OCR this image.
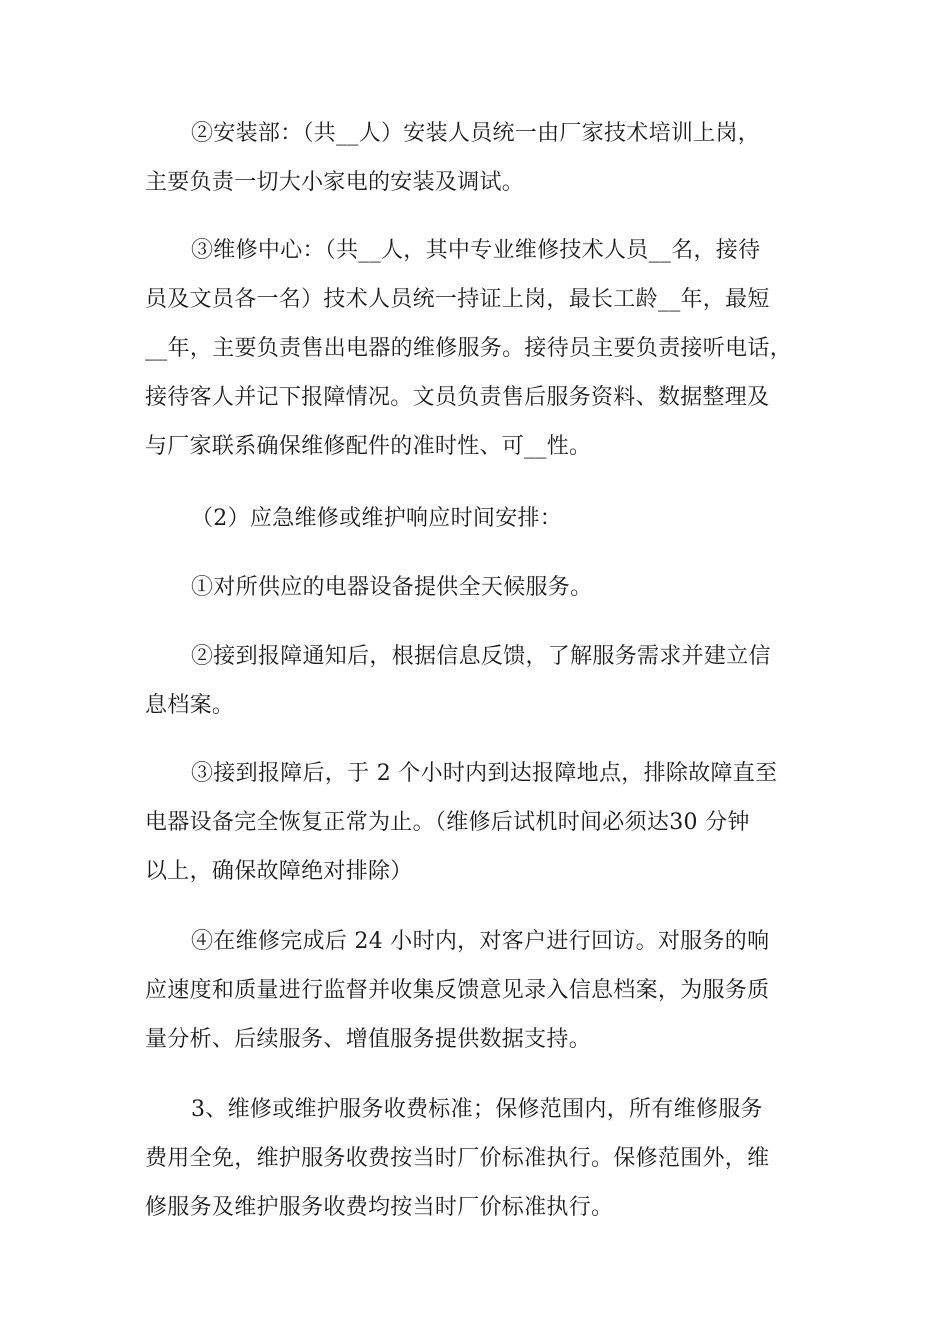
②安装部：（共__人）安装人员统一由厂家技术培训上岗，
主要负责一切大小家电的安装及调试。

③维修中心：（共__人，其中专业维修技术人员__名，接待
员及文员各一名）技术人员统一持证上岗，最长工龄__年，最短
__年，主要负责售出电器的维修服务。接待员主要负责接听电话，
接待客人并记下报障情况。文员负责售后服务资料、数据整理及
与厂家联系确保维修配件的准时性、可__性。

（2）应急维修或维护响应时间安排：

①对所供应的电器设备提供全天候服务。

②接到报障通知后，根据信息反馈，了解服务需求并建立信
息档案。

③接到报障后，于 2 个小时内到达报障地点，排除故障直至
电器设备完全恢复正常为止。（维修后试机时间必须达30 分钟
以上，确保故障绝对排除）

④在维修完成后 24 小时内，对客户进行回访。对服务的响
应速度和质量进行监督并收集反馈意见录入信息档案，为服务质
量分析、后续服务、增值服务提供数据支持。

3、维修或维护服务收费标准；保修范围内，所有维修服务
费用全免，维护服务收费按当时厂价标准执行。保修范围外，维
修服务及维护服务收费均按当时厂价标准执行。
